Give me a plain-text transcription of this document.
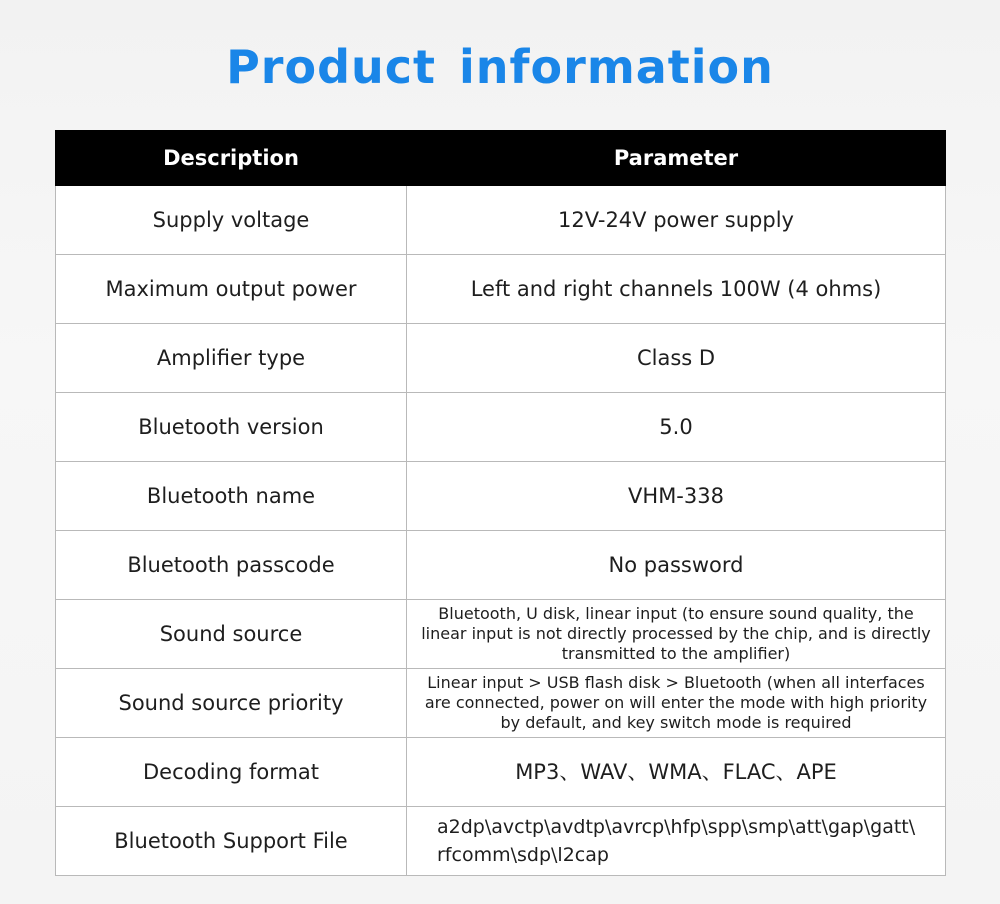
Product information
Description	Parameter
Supply voltage	12V-24V power supply
Maximum output power	Left and right channels 100W (4 ohms)
Amplifier type	Class D
Bluetooth version	5.0
Bluetooth name	VHM-338
Bluetooth passcode	No password
Sound source	Bluetooth, U disk, linear input (to ensure sound quality, the linear input is not directly processed by the chip, and is directly transmitted to the amplifier)
Sound source priority	Linear input > USB flash disk > Bluetooth (when all interfaces are connected, power on will enter the mode with high priority by default, and key switch mode is required
Decoding format	MP3、WAV、WMA、FLAC、APE
Bluetooth Support File	a2dp\​avctp\​avdtp\​avrcp\​hfp\​spp\​smp\​att\​gap\​gatt\​rfcomm\​sdp\​l2cap
